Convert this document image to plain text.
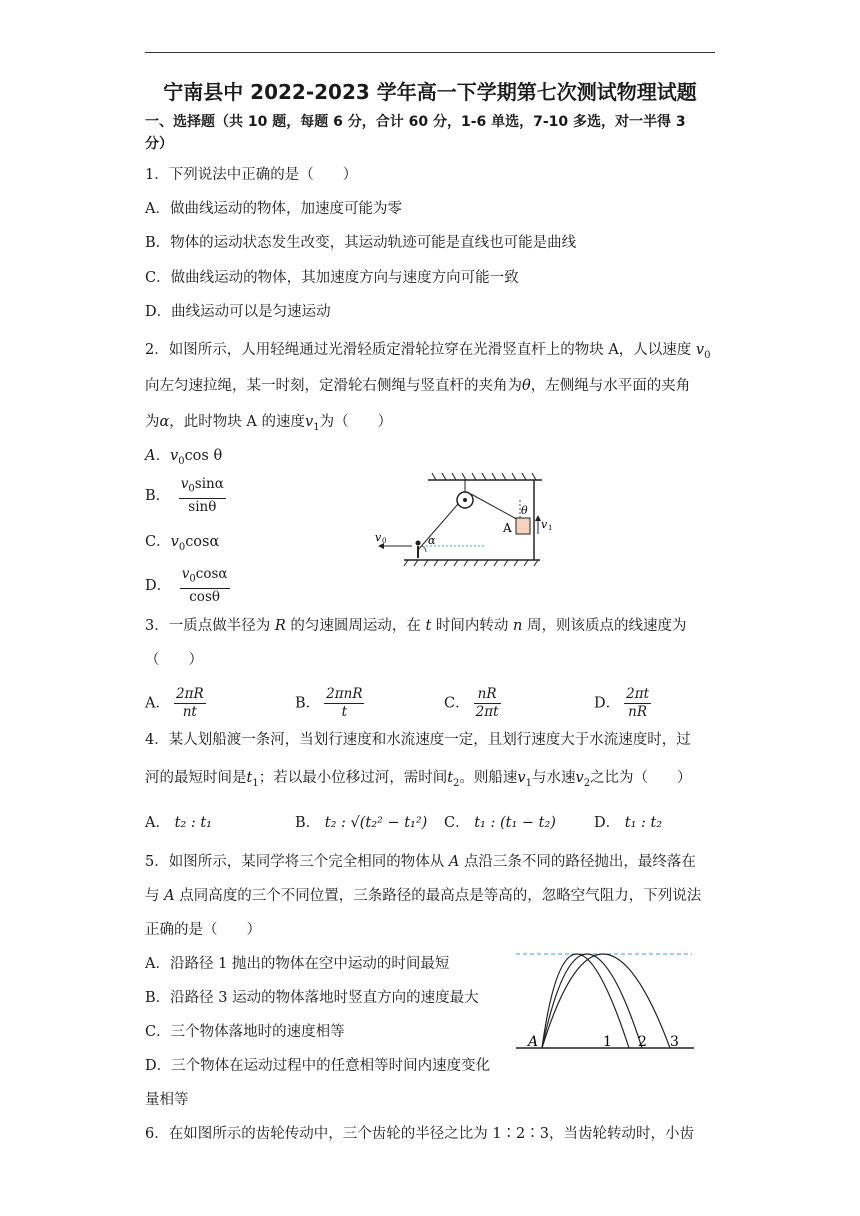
宁南县中 2022-2023 学年高一下学期第七次测试物理试题
一、选择题（共 10 题，每题 6 分，合计 60 分，1-6 单选，7-10 多选，对一半得 3
分）
1．下列说法中正确的是（　　）
A．做曲线运动的物体，加速度可能为零
B．物体的运动状态发生改变，其运动轨迹可能是直线也可能是曲线
C．做曲线运动的物体，其加速度方向与速度方向可能一致
D．曲线运动可以是匀速运动
2．如图所示，人用轻绳通过光滑轻质定滑轮拉穿在光滑竖直杆上的物块 A，人以速度 $v_0$
向左匀速拉绳，某一时刻，定滑轮右侧绳与竖直杆的夹角为θ，左侧绳与水平面的夹角
为α，此时物块 A 的速度$v_1$为（　　）
A．$v_0\cos$ θ
B． $\frac{v_0\sin\alpha}{\sin\theta}$
C．$v_0\cos\alpha$
D． $\frac{v_0\cos\alpha}{\cos\theta}$
v 0	α
θ
A	v 1
3．一质点做半径为 R 的匀速圆周运动，在 t 时间内转动 n 周，则该质点的线速度为
（　　）
A． $\frac{2\pi R}{nt}$	B． $\frac{\text{2πnR}}{t}$	C． $\frac{nR}{2\pi t}$	D． $\frac{2\pi t}{nR}$
4．某人划船渡一条河，当划行速度和水流速度一定，且划行速度大于水流速度时，过
河的最短时间是$t_1$；若以最小位移过河，需时间$t_2$。则船速$v_1$与水速$v_2$之比为（　　）
A． t₂ : t₁	B． t₂ : √(t₂² − t₁²) C． t₁ : (t₁ − t₂)	D． t₁ : t₂
5．如图所示，某同学将三个完全相同的物体从 A 点沿三条不同的路径抛出，最终落在
与 A 点同高度的三个不同位置，三条路径的最高点是等高的，忽略空气阻力，下列说法
正确的是（　　）
A．沿路径 1 抛出的物体在空中运动的时间最短
B．沿路径 3 运动的物体落地时竖直方向的速度最大
C．三个物体落地时的速度相等
D．三个物体在运动过程中的任意相等时间内速度变化
量相等
A	1 2 3
6．在如图所示的齿轮传动中，三个齿轮的半径之比为 1∶2∶3，当齿轮转动时，小齿
